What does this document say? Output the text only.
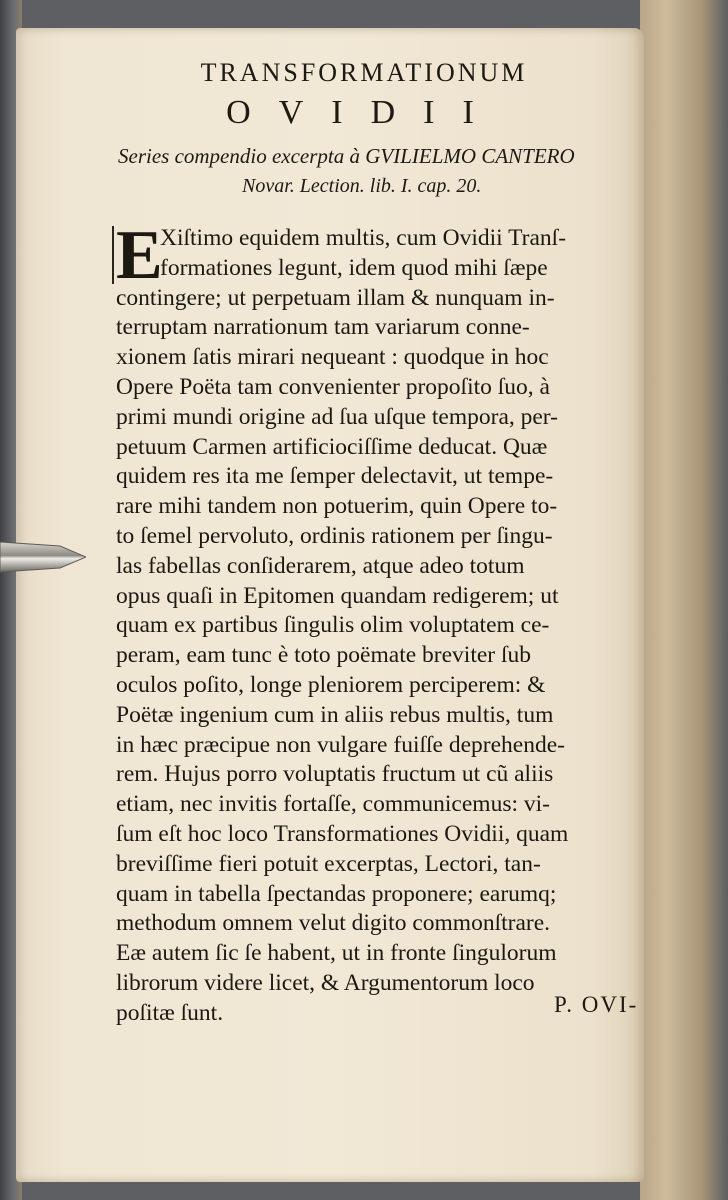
TRANSFORMATIONUM
OVIDII
Series compendio excerpta à GVILIELMO CANTERO
Novar. Lection. lib. I. cap. 20.
E
Xiſtimo equidem multis, cum Ovidii Tranſ-
formationes legunt, idem quod mihi ſæpe
contingere; ut perpetuam illam & nunquam in-
terruptam narrationum tam variarum conne-
xionem ſatis mirari nequeant : quodque in hoc
Opere Poëta tam convenienter propoſito ſuo, à
primi mundi origine ad ſua uſque tempora, per-
petuum Carmen artificiociſſime deducat. Quæ
quidem res ita me ſemper delectavit, ut tempe-
rare mihi tandem non potuerim, quin Opere to-
to ſemel pervoluto, ordinis rationem per ſingu-
las fabellas conſiderarem, atque adeo totum
opus quaſi in Epitomen quandam redigerem; ut
quam ex partibus ſingulis olim voluptatem ce-
peram, eam tunc è toto poëmate breviter ſub
oculos poſito, longe pleniorem perciperem: &
Poëtæ ingenium cum in aliis rebus multis, tum
in hæc præcipue non vulgare fuiſſe deprehende-
rem. Hujus porro voluptatis fructum ut cũ aliis
etiam, nec invitis fortaſſe, communicemus: vi-
ſum eſt hoc loco Transformationes Ovidii, quam
breviſſime fieri potuit excerptas, Lectori, tan-
quam in tabella ſpectandas proponere; earumq;
methodum omnem velut digito commonſtrare.
Eæ autem ſic ſe habent, ut in fronte ſingulorum
librorum videre licet, & Argumentorum loco
poſitæ ſunt.	P. OVI-
